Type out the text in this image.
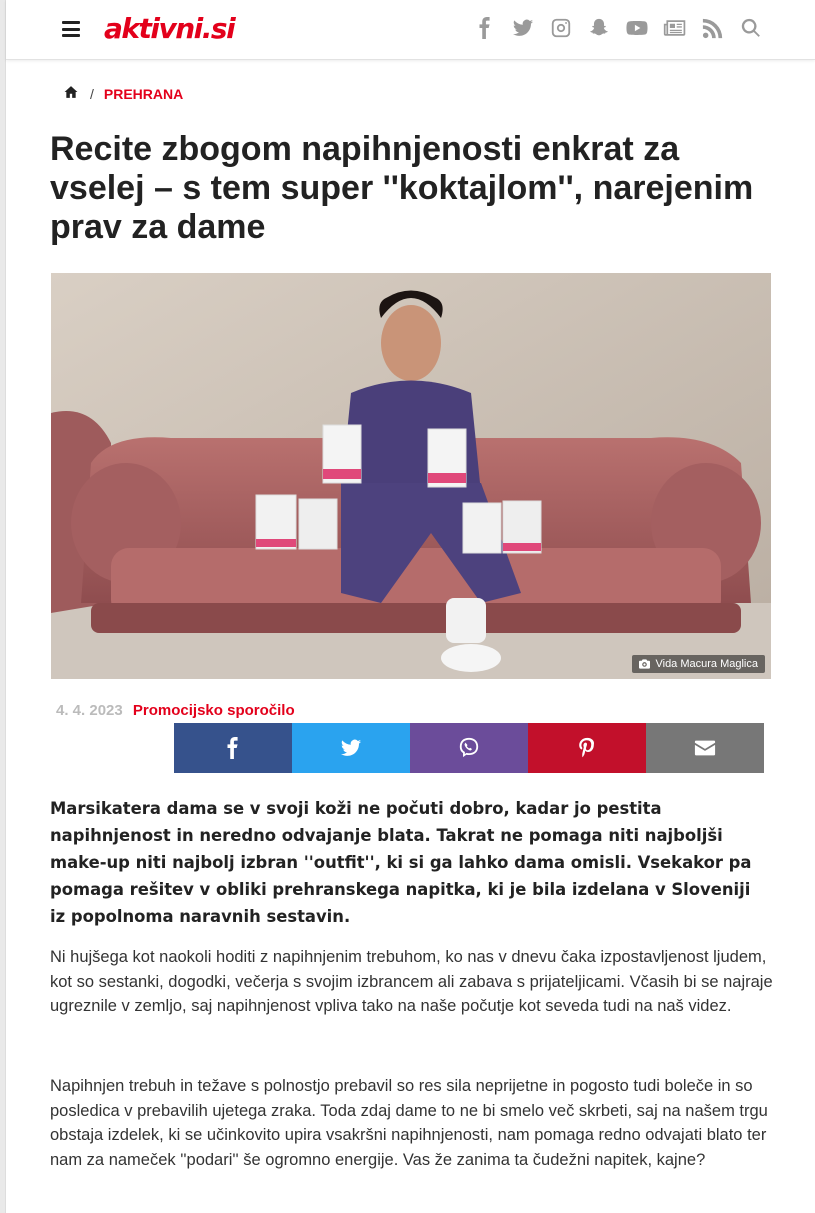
aktivni.si
/ PREHRANA
Recite zbogom napihnjenosti enkrat za vselej – s tem super ''koktajlom'', narejenim prav za dame
Vida Macura Maglica
4. 4. 2023 Promocijsko sporočilo

Marsikatera dama se v svoji koži ne počuti dobro, kadar jo pestita napihnjenost in neredno odvajanje blata. Takrat ne pomaga niti najboljši make-up niti najbolj izbran ''outfit'', ki si ga lahko dama omisli. Vsekakor pa pomaga rešitev v obliki prehranskega napitka, ki je bila izdelana v Sloveniji iz popolnoma naravnih sestavin.

Ni hujšega kot naokoli hoditi z napihnjenim trebuhom, ko nas v dnevu čaka izpostavljenost ljudem, kot so sestanki, dogodki, večerja s svojim izbrancem ali zabava s prijateljicami. Včasih bi se najraje ugreznile v zemljo, saj napihnjenost vpliva tako na naše počutje kot seveda tudi na naš videz.

Napihnjen trebuh in težave s polnostjo prebavil so res sila neprijetne in pogosto tudi boleče in so posledica v prebavilih ujetega zraka. Toda zdaj dame to ne bi smelo več skrbeti, saj na našem trgu obstaja izdelek, ki se učinkovito upira vsakršni napihnjenosti, nam pomaga redno odvajati blato ter nam za nameček ''podari'' še ogromno energije. Vas že zanima ta čudežni napitek, kajne?
